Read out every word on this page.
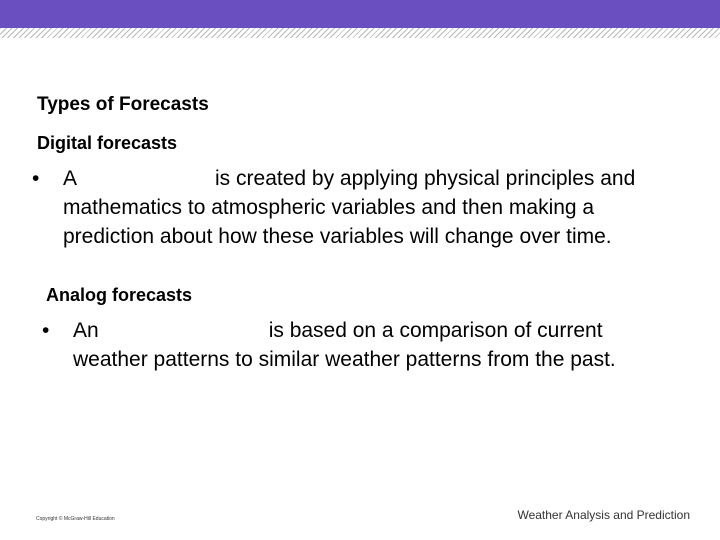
Types of Forecasts
Digital forecasts
• A	is created by applying physical principles and mathematics to atmospheric variables and then making a prediction about how these variables will change over time.
Analog forecasts
• An	is based on a comparison of current weather patterns to similar weather patterns from the past.
Copyright © McGraw-Hill Education	Weather Analysis and Prediction
